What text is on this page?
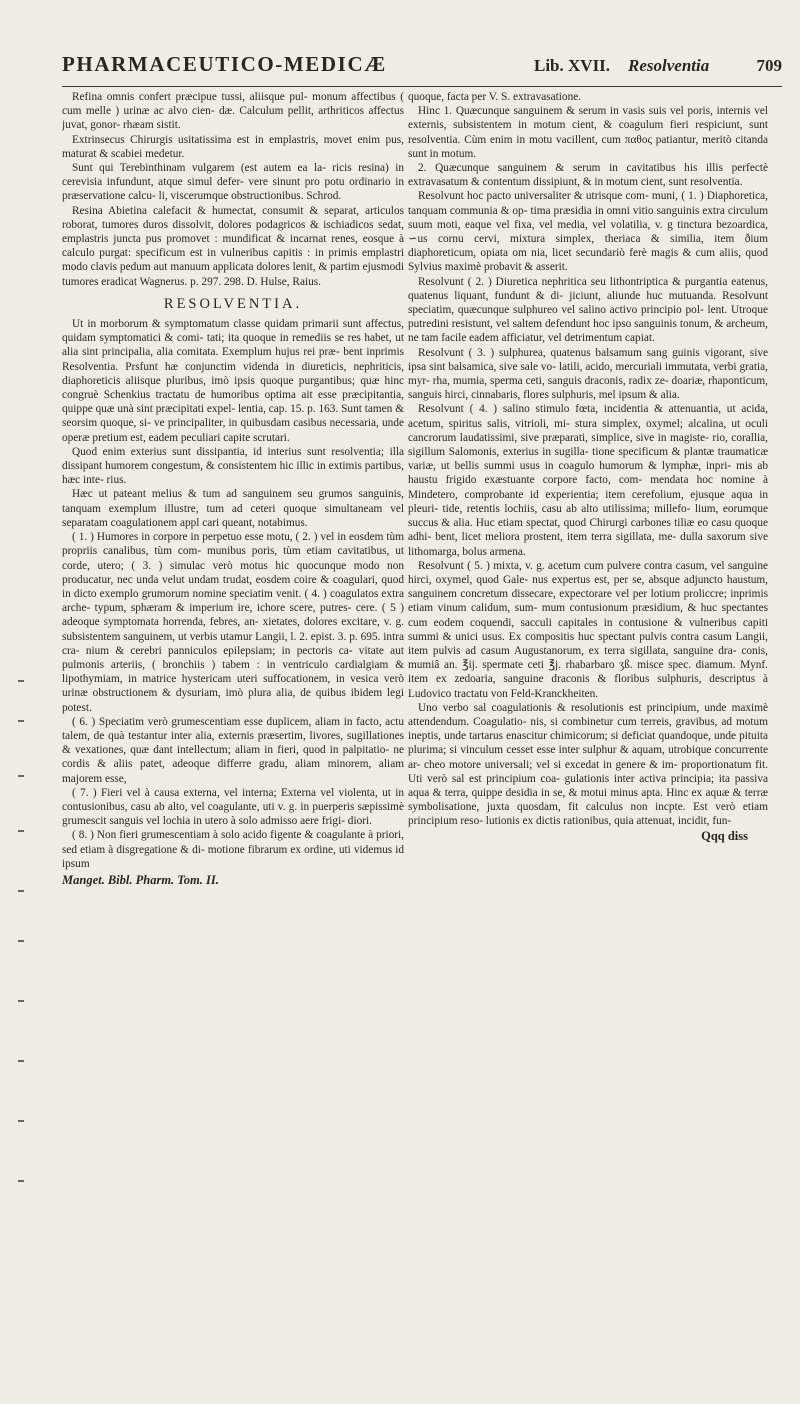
PHARMACEUTICO-MEDICÆ	Lib. XVII. Resolventia	709

Refina omnis confert præcipue tussi, aliisque pul- monum affectibus ( cum melle ) urinæ ac alvo cien- dæ. Calculum pellit, arthriticos affectus juvat, gonor- rhæam sistit.

Extrinsecus Chirurgis usitatissima est in emplastris, movet enim pus, maturat & scabiei medetur.

Sunt qui Terebinthinam vulgarem (est autem ea la- ricis resina) in cerevisia infundunt, atque simul defer- vere sinunt pro potu ordinario in præservatione calcu- li, viscerumque obstructionibus. Schrod.

Resina Abietina calefacit & humectat, consumit & separat, articulos roborat, tumores duros dissolvit, dolores podagricos & ischiadicos sedat, emplastris juncta pus promovet : mundificat & incarnat renes, eosque à calculo purgat: specificum est in vulneribus capitis : in primis emplastri modo clavis pedum aut manuum applicata dolores lenit, & partim ejusmodi tumores eradicat Wagnerus. p. 297. 298. D. Hulse, Raius.

RESOLVENTIA.

Ut in morborum & symptomatum classe quidam primarii sunt affectus, quidam symptomatici & comi- tati; ita quoque in remediis se res habet, ut alia sint principalia, alia comitata. Exemplum hujus rei præ- bent inprimis Resolventia. Prsfunt hæ conjunctim videnda in diureticis, nephriticis, diaphoreticis aliisque pluribus, imò ipsis quoque purgantibus; quæ hinc congruè Schenkius tractatu de humoribus optima ait esse præcipitantia, quippe quæ unà sint præcipitati expel- lentia, cap. 15. p. 163. Sunt tamen & seorsim quoque, si- ve principaliter, in quibusdam casibus necessaria, unde operæ pretium est, eadem peculiari capite scrutari.

Quod enim exterius sunt dissipantia, id interius sunt resolventia; illa dissipant humorem congestum, & consistentem hic illic in extimis partibus, hæc inte- rius.

Hæc ut pateant melius & tum ad sanguinem seu grumos sanguinis, tanquam exemplum illustre, tum ad ceteri quoque simultaneam vel separatam coagulationem appl cari queant, notabimus.

( 1. ) Humores in corpore in perpetuo esse motu, ( 2. ) vel in eosdem tùm propriis canalibus, tùm com- munibus poris, tùm etiam cavitatibus, ut corde, utero; ( 3. ) simulac verò motus hic quocunque modo non producatur, nec unda velut undam trudat, eosdem coire & coagulari, quod in dicto exemplo grumorum nomine speciatim venit. ( 4. ) coagulatos extra arche- typum, sphæram & imperium ire, ichore scere, putres- cere. ( 5 ) adeoque symptomata horrenda, febres, an- xietates, dolores excitare, v. g. subsistentem sanguinem, ut verbis utamur Langii, l. 2. epist. 3. p. 695. intra cra- nium & cerebri panniculos epilepsiam; in pectoris ca- vitate aut pulmonis arteriis, ( bronchiis ) tabem : in ventriculo cardialgiam & lipothymiam, in matrice hystericam uteri suffocationem, in vesica verò urinæ obstructionem & dysuriam, imò plura alia, de quibus ibidem legi potest.

( 6. ) Speciatim verò grumescentiam esse duplicem, aliam in facto, actu talem, de quà testantur inter alia, externis præsertim, livores, sugillationes & vexationes, quæ dant intellectum; aliam in fieri, quod in palpitatio- ne cordis & aliis patet, adeoque differre gradu, aliam minorem, aliam majorem esse,

( 7. ) Fieri vel à causa externa, vel interna; Externa vel violenta, ut in contusionibus, casu ab alto, vel coagulante, uti v. g. in puerperis sæpissimè grumescit sanguis vel lochia in utero à solo admisso aere frigi- diori.

( 8. ) Non fieri grumescentiam à solo acido figente & coagulante à priori, sed etiam à disgregatione & di- motione fibrarum ex ordine, uti videmus id ipsum

Manget. Bibl. Pharm. Tom. II.

quoque, facta per V. S. extravasatione.

Hinc 1. Quæcunque sanguinem & serum in vasis suis vel poris, internis vel externis, subsistentem in motum cient, & coagulum fieri respiciunt, sunt resolventia. Cùm enim in motu vacillent, cum παθος patiantur, meritò citanda sunt in motum.

2. Quæcunque sanguinem & serum in cavitatibus his illis perfectè extravasatum & contentum dissipiunt, & in motum cient, sunt resolventia.

Resolvunt hoc pacto universaliter & utrisque com- muni, ( 1. ) Diaphoretica, tanquam communia & op- tima præsidia in omni vitio sanguinis extra circulum suum moti, eaque vel fixa, vel media, vel volatilia, v. g tinctura bezoardica, ∽us cornu cervi, mixtura simplex, theriaca & similia, item ðium diaphoreticum, opiata om nia, licet secundariò ferè magis & cum aliis, quod Sylvius maximè probavit & asserit.

Resolvunt ( 2. ) Diuretica nephritica seu lithontriptica & purgantia eatenus, quatenus liquant, fundunt & di- jiciunt, aliunde huc mutuanda. Resolvunt speciatim, quæcunque sulphureo vel salino activo principio pol- lent. Utroque putredini resistunt, vel saltem defendunt hoc ipso sanguinis tonum, & archeum, ne tam facile eadem afficiatur, vel detrimentum capiat.

Resolvunt ( 3. ) sulphurea, quatenus balsamum sang guinis vigorant, sive ipsa sint balsamica, sive sale vo- latili, acido, mercuriali immutata, verbi gratia, myr- rha, mumia, sperma ceti, sanguis draconis, radix ze- doariæ, rhaponticum, sanguis hirci, cinnabaris, flores sulphuris, mel ipsum & alia.

Resolvunt ( 4. ) salino stimulo fœta, incidentia & attenuantia, ut acida, acetum, spiritus salis, vitrioli, mi- stura simplex, oxymel; alcalina, ut oculi cancrorum laudatissimi, sive præparati, simplice, sive in magiste- rio, corallia, sigillum Salomonis, exterius in sugilla- tione specificum & plantæ traumaticæ variæ, ut bellis summi usus in coagulo humorum & lymphæ, inpri- mis ab haustu frigido exæstuante corpore facto, com- mendata hoc nomine à Mindetero, comprobante id experientia; item cerefolium, ejusque aqua in pleuri- tide, retentis lochiis, casu ab alto utilissima; millefo- lium, eorumque succus & alia. Huc etiam spectat, quod Chirurgi carbones tiliæ eo casu quoque adhi- bent, licet meliora prostent, item terra sigillata, me- dulla saxorum sive lithomarga, bolus armena.

Resolvunt ( 5. ) mixta, v. g. acetum cum pulvere contra casum, vel sanguine hirci, oxymel, quod Gale- nus expertus est, per se, absque adjuncto haustum, sanguinem concretum dissecare, expectorare vel per lotium proliccre; inprimis etiam vinum calidum, sum- mum contusionum præsidium, & huc spectantes cum eodem coquendi, sacculi capitales in contusione & vulneribus capiti summi & unici usus. Ex compositis huc spectant pulvis contra casum Langii, item pulvis ad casum Augustanorum, ex terra sigillata, sanguine dra- conis, mumiâ an. ℥ij. spermate ceti ℥j. rhabarbaro ʒß. misce spec. diamum. Mynf. item ex zedoaria, sanguine draconis & floribus sulphuris, descriptus à Ludovico tractatu von Feld-Kranckheiten.

Uno verbo sal coagulationis & resolutionis est principium, unde maximè attendendum. Coagulatio- nis, si combinetur cum terreis, gravibus, ad motum ineptis, unde tartarus enascitur chimicorum; si deficiat quandoque, unde pituita plurima; si vinculum cesset esse inter sulphur & aquam, utrobique concurrente ar- cheo motore universali; vel si excedat in genere & im- proportionatum fit. Uti verò sal est principium coa- gulationis inter activa principia; ita passiva aqua & terra, quippe desidia in se, & motui minus apta. Hinc ex aquæ & terræ symbolisatione, juxta quosdam, fit calculus non incpte. Est verò etiam principium reso- lutionis ex dictis rationibus, quia attenuat, incidit, fun-

Qqq diss
